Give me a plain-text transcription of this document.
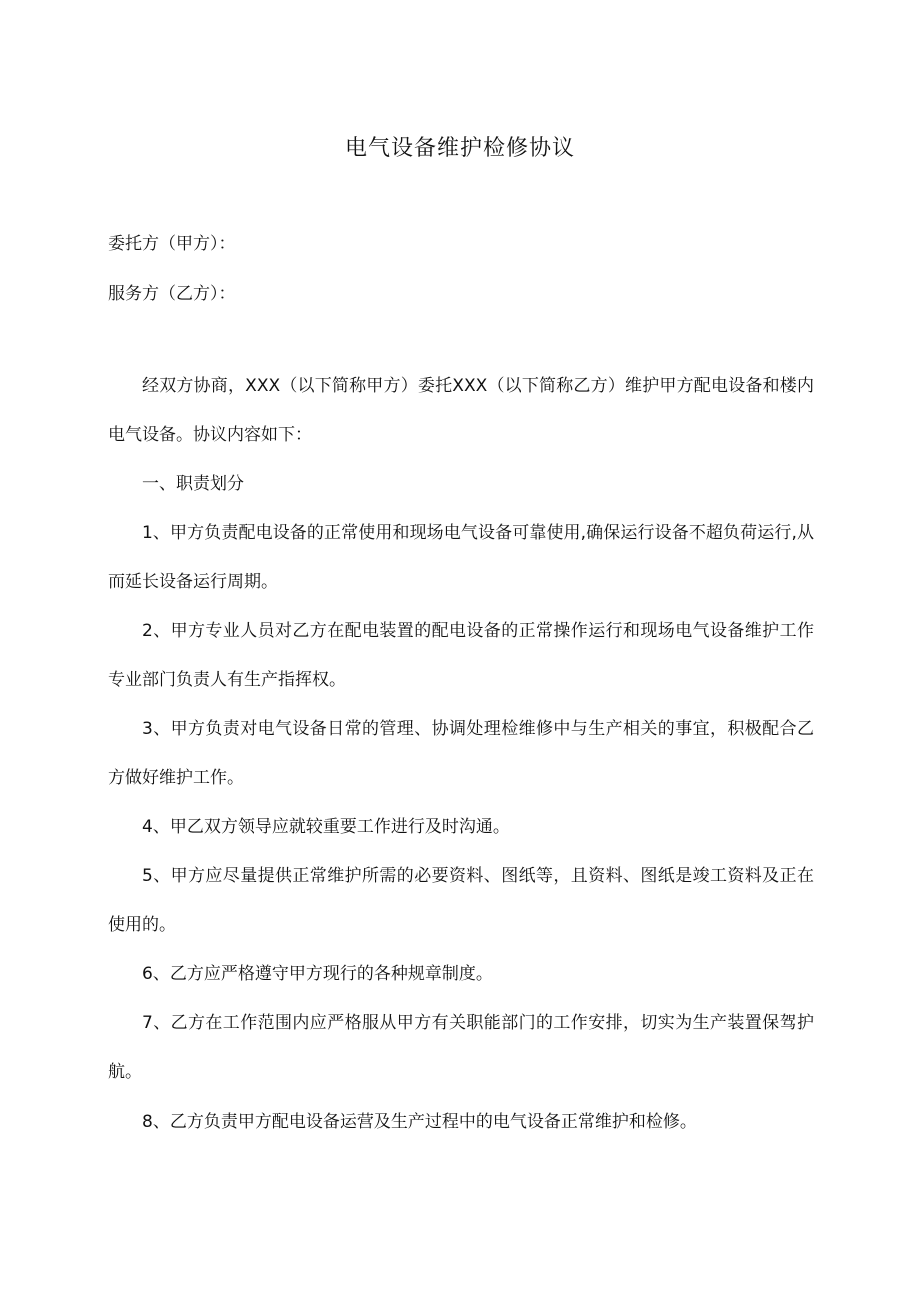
电气设备维护检修协议
委托方（甲方）：
服务方（乙方）：

经双方协商，XXX（以下简称甲方）委托XXX（以下简称乙方）维护甲方配电设备和楼内电气设备。协议内容如下：

一、职责划分

1、甲方负责配电设备的正常使用和现场电气设备可靠使用,确保运行设备不超负荷运行,从而延长设备运行周期。

2、甲方专业人员对乙方在配电装置的配电设备的正常操作运行和现场电气设备维护工作专业部门负责人有生产指挥权。

3、甲方负责对电气设备日常的管理、协调处理检维修中与生产相关的事宜，积极配合乙方做好维护工作。

4、甲乙双方领导应就较重要工作进行及时沟通。

5、甲方应尽量提供正常维护所需的必要资料、图纸等，且资料、图纸是竣工资料及正在使用的。

6、乙方应严格遵守甲方现行的各种规章制度。

7、乙方在工作范围内应严格服从甲方有关职能部门的工作安排，切实为生产装置保驾护航。

8、乙方负责甲方配电设备运营及生产过程中的电气设备正常维护和检修。
